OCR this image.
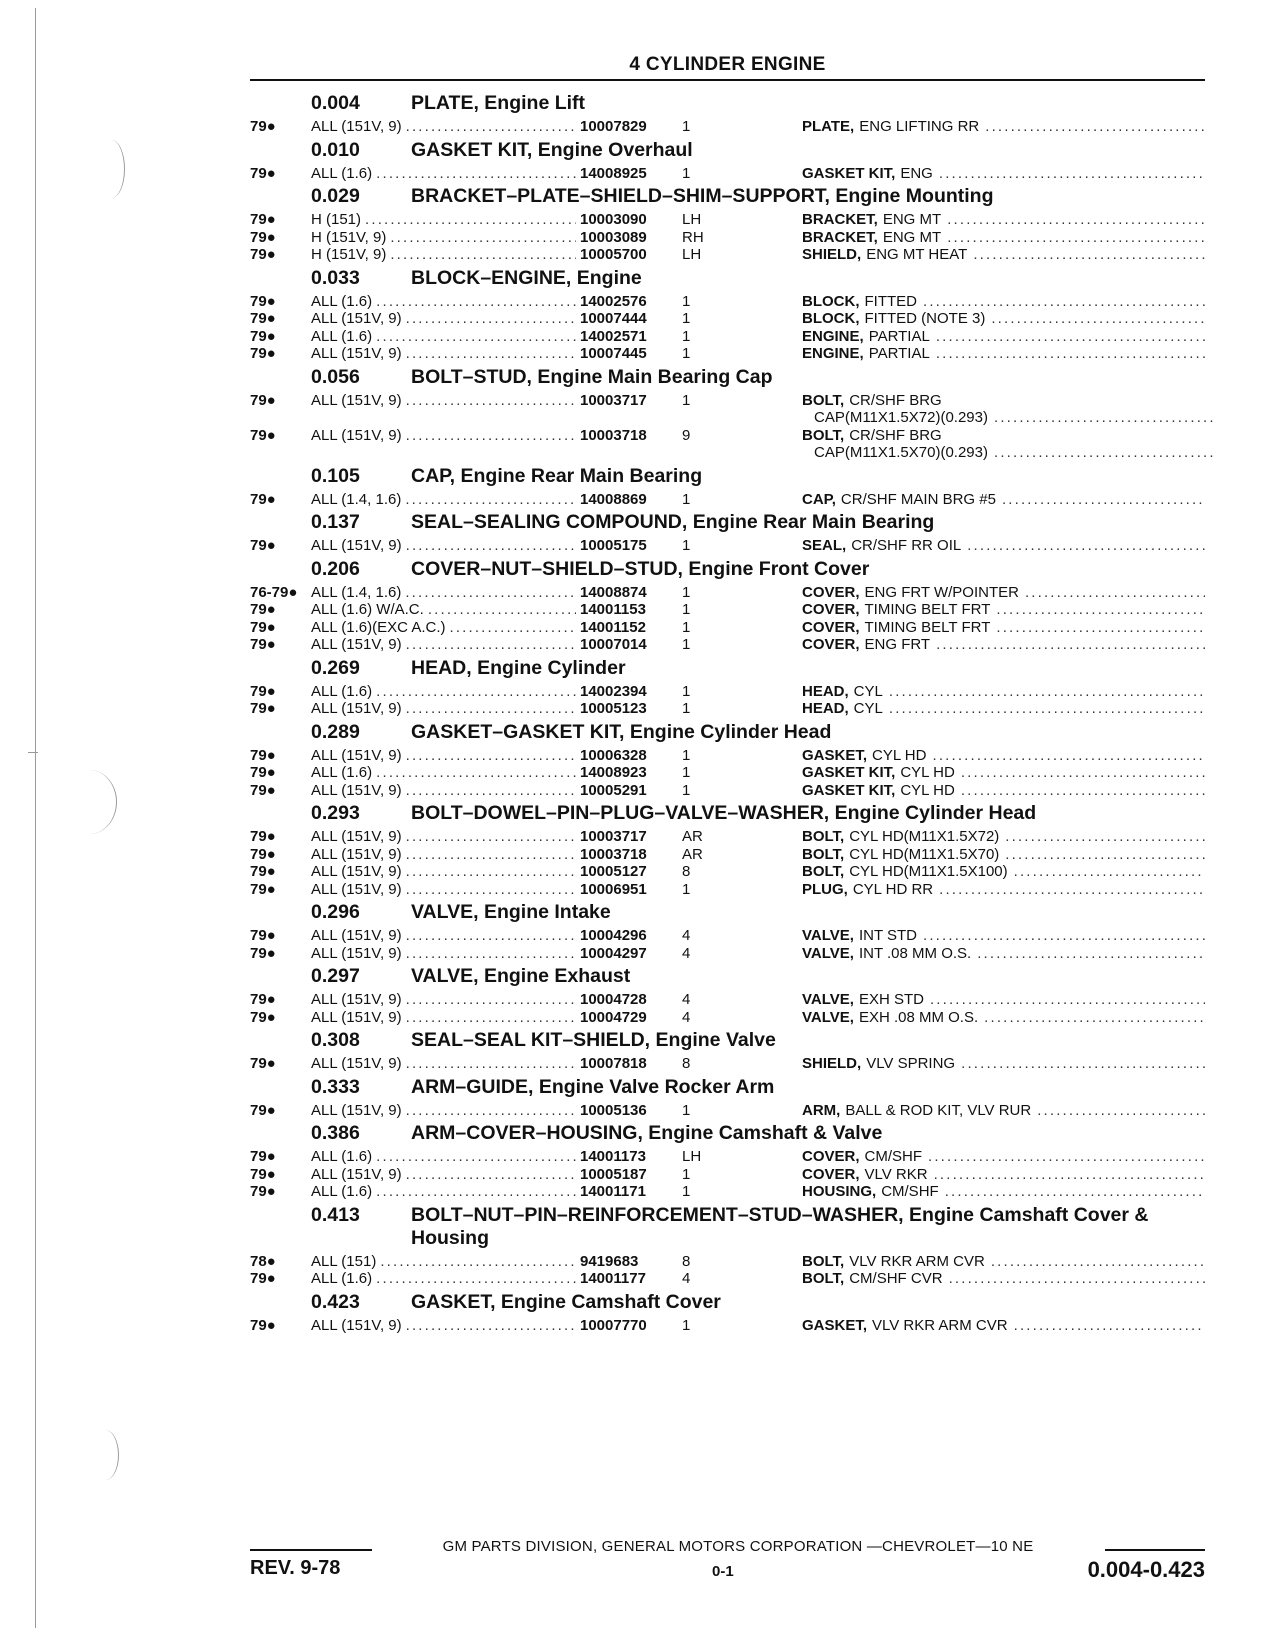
4 CYLINDER ENGINE
0.004	PLATE, Engine Lift
79●	ALL (151V, 9) . . .	10007829	1	PLATE, ENG LIFTING RR
. . .
0.010	GASKET KIT, Engine Overhaul
79●	ALL (1.6) . . .	14008925	1	GASKET KIT, ENG
. . .
0.029	BRACKET–PLATE–SHIELD–SHIM–SUPPORT, Engine Mounting
79●	H (151) . . .	10003090	LH	BRACKET, ENG MT
. . .
79●	H (151V, 9) . . .	10003089	RH	BRACKET, ENG MT
. . .
79●	H (151V, 9) . . .	10005700	LH	SHIELD, ENG MT HEAT
. . .
0.033	BLOCK–ENGINE, Engine
79●	ALL (1.6) . . .	14002576	1	BLOCK, FITTED
. . .
79●	ALL (151V, 9) . . .	10007444	1	BLOCK, FITTED (NOTE 3)
. . .
79●	ALL (1.6) . . .	14002571	1	ENGINE, PARTIAL
. . .
79●	ALL (151V, 9) . . .	10007445	1	ENGINE, PARTIAL
. . .
0.056	BOLT–STUD, Engine Main Bearing Cap
79●	ALL (151V, 9) . . .	10003717	1	BOLT, CR/SHF BRG
CAP(M11X1.5X72)(0.293)
. . .
79●	ALL (151V, 9) . . .	10003718	9	BOLT, CR/SHF BRG
CAP(M11X1.5X70)(0.293)
. . .
0.105	CAP, Engine Rear Main Bearing
79●	ALL (1.4, 1.6) . . .	14008869	1	CAP, CR/SHF MAIN BRG #5
. . .
0.137	SEAL–SEALING COMPOUND, Engine Rear Main Bearing
79●	ALL (151V, 9) . . .	10005175	1	SEAL, CR/SHF RR OIL
. . .
0.206	COVER–NUT–SHIELD–STUD, Engine Front Cover
76-79● ALL (1.4, 1.6) . . .	14008874	1	COVER, ENG FRT W/POINTER
. . .
79●	ALL (1.6) W/A.C. . . .	14001153	1	COVER, TIMING BELT FRT
. . .
79●	ALL (1.6)(EXC A.C.) . . .	14001152	1	COVER, TIMING BELT FRT
. . .
79●	ALL (151V, 9) . . .	10007014	1	COVER, ENG FRT
. . .
0.269	HEAD, Engine Cylinder
79●	ALL (1.6) . . .	14002394	1	HEAD, CYL
. . .
79●	ALL (151V, 9) . . .	10005123	1	HEAD, CYL
. . .
0.289	GASKET–GASKET KIT, Engine Cylinder Head
79●	ALL (151V, 9) . . .	10006328	1	GASKET, CYL HD
. . .
79●	ALL (1.6) . . .	14008923	1	GASKET KIT, CYL HD
. . .
79●	ALL (151V, 9) . . .	10005291	1	GASKET KIT, CYL HD
. . .
0.293	BOLT–DOWEL–PIN–PLUG–VALVE–WASHER, Engine Cylinder Head
79●	ALL (151V, 9) . . .	10003717	AR	BOLT, CYL HD(M11X1.5X72)
. . .
79●	ALL (151V, 9) . . .	10003718	AR	BOLT, CYL HD(M11X1.5X70)
. . .
79●	ALL (151V, 9) . . .	10005127	8	BOLT, CYL HD(M11X1.5X100)
. . .
79●	ALL (151V, 9) . . .	10006951	1	PLUG, CYL HD RR
. . .
0.296	VALVE, Engine Intake
79●	ALL (151V, 9) . . .	10004296	4	VALVE, INT STD
. . .
79●	ALL (151V, 9) . . .	10004297	4	VALVE, INT .08 MM O.S.
. . .
0.297	VALVE, Engine Exhaust
79●	ALL (151V, 9) . . .	10004728	4	VALVE, EXH STD
. . .
79●	ALL (151V, 9) . . .	10004729	4	VALVE, EXH .08 MM O.S.
. . .
0.308	SEAL–SEAL KIT–SHIELD, Engine Valve
79●	ALL (151V, 9) . . .	10007818	8	SHIELD, VLV SPRING
. . .
0.333	ARM–GUIDE, Engine Valve Rocker Arm
79●	ALL (151V, 9) . . .	10005136	1	ARM, BALL & ROD KIT, VLV RUR
. . .
0.386	ARM–COVER–HOUSING, Engine Camshaft & Valve
79●	ALL (1.6) . . .	14001173	LH	COVER, CM/SHF
. . .
79●	ALL (151V, 9) . . .	10005187	1	COVER, VLV RKR
. . .
79●	ALL (1.6) . . .	14001171	1	HOUSING, CM/SHF
. . .
0.413	BOLT–NUT–PIN–REINFORCEMENT–STUD–WASHER, Engine Camshaft Cover & Housing
78●	ALL (151) . . .	9419683	8	BOLT, VLV RKR ARM CVR
. . .
79●	ALL (1.6) . . .	14001177	4	BOLT, CM/SHF CVR
. . .
0.423	GASKET, Engine Camshaft Cover
79●	ALL (151V, 9) . . .	10007770	1	GASKET, VLV RKR ARM CVR
. . .
GM PARTS DIVISION, GENERAL MOTORS CORPORATION —CHEVROLET—10 NE
REV. 9-78	0-1	0.004-0.423
